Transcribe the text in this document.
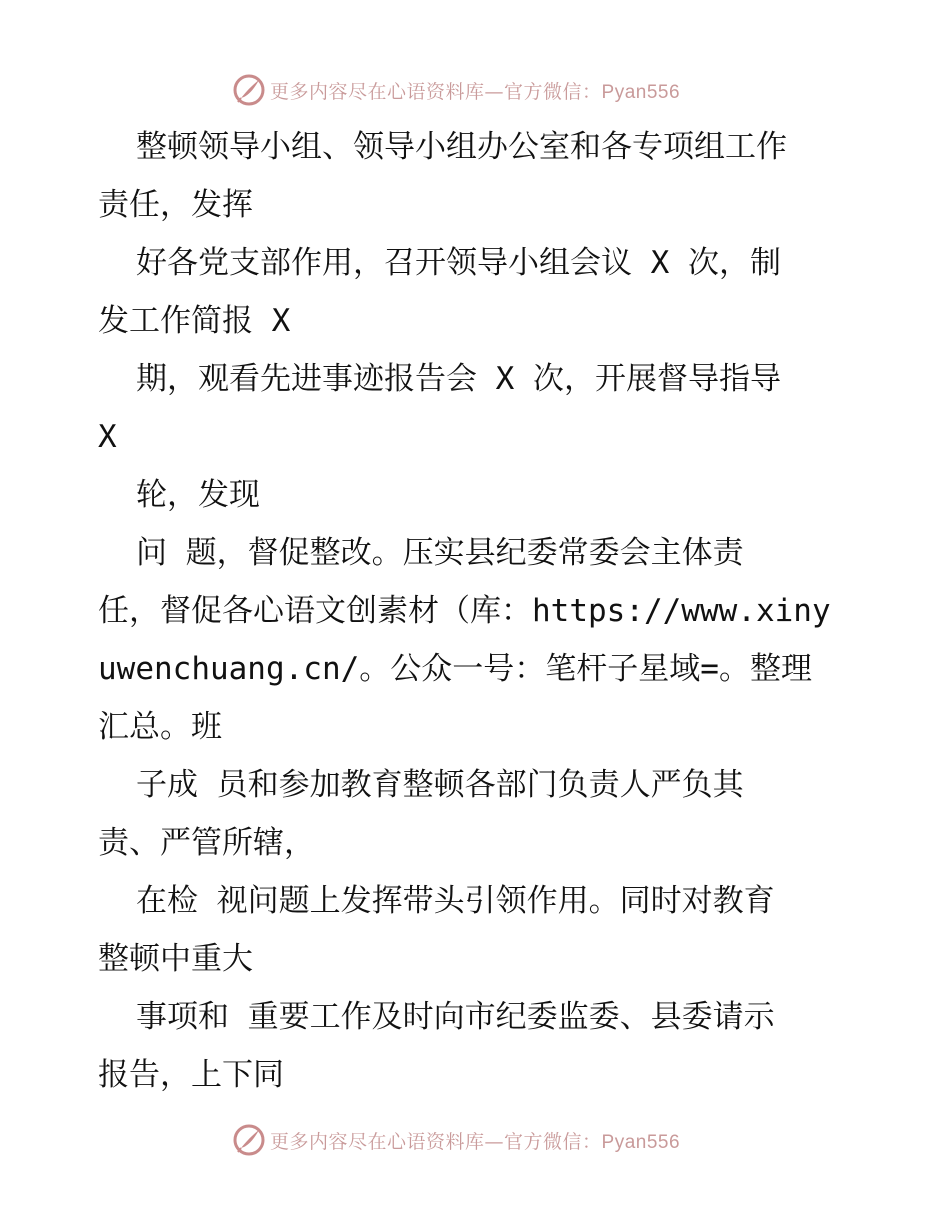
更多内容尽在心语资料库—官方微信：Pyan556
整顿领导小组、领导小组办公室和各专项组工作
责任，发挥
好各党支部作用，召开领导小组会议 X 次，制
发工作简报 X
期，观看先进事迹报告会 X 次，开展督导指导
X
轮，发现
问 题，督促整改。压实县纪委常委会主体责
任，督促各心语文创素材（库：https://www.xiny
uwenchuang.cn/。公众一号：笔杆子星域=。整理
汇总。班
子成 员和参加教育整顿各部门负责人严负其
责、严管所辖，
在检 视问题上发挥带头引领作用。同时对教育
整顿中重大
事项和 重要工作及时向市纪委监委、县委请示
报告，上下同
更多内容尽在心语资料库—官方微信：Pyan556
